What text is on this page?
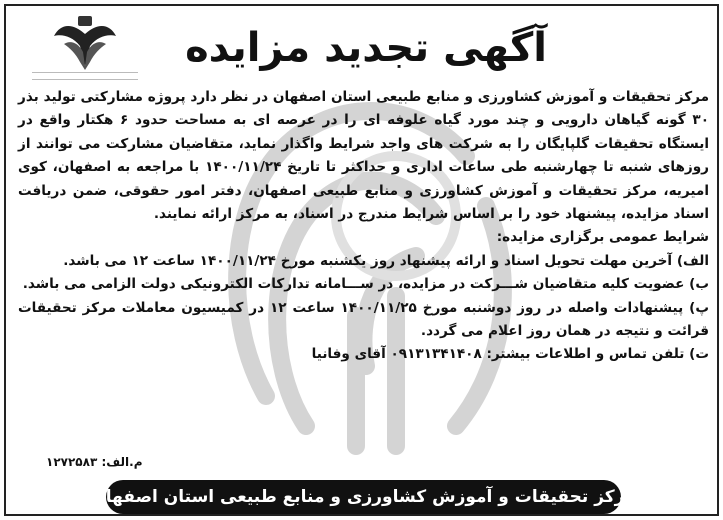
آگهی تجدید مزایده

مرکز تحقیقات و آموزش کشاورزی و منابع طبیعی استان اصفهان در نظر دارد پروژه مشارکتی تولید بذر ۳۰ گونه گیاهان دارویی و چند مورد گیاه علوفه ای را در عرصه ای به مساحت حدود ۶ هکتار واقع در ایستگاه تحقیقات گلپایگان را به شرکت های واجد شرایط واگذار نماید، متقاضیان مشارکت می توانند از روزهای شنبه تا چهارشنبه طی ساعات اداری و حداکثر تا تاریخ ۱۴۰۰/۱۱/۲۴ با مراجعه به اصفهان، کوی امیریه، مرکز تحقیقات و آموزش کشاورزی و منابع طبیعی اصفهان، دفتر امور حقوقی، ضمن دریافت اسناد مزایده، پیشنهاد خود را بر اساس شرایط مندرج در اسناد، به مرکز ارائه نمایند.

شرایط عمومی برگزاری مزایده:

الف) آخرین مهلت تحویل اسناد و ارائه پیشنهاد روز یکشنبه مورخ ۱۴۰۰/۱۱/۲۴ ساعت ۱۲ می باشد.

ب) عضویت کلیه متقاضیان شـــرکت در مزایده، در ســـامانه تدارکات الکترونیکی دولت الزامی می باشد.

پ) پیشنهادات واصله در روز دوشنبه مورخ ۱۴۰۰/۱۱/۲۵ ساعت ۱۲ در کمیسیون معاملات مرکز تحقیقات قرائت و نتیجه در همان روز اعلام می گردد.

ت) تلفن تماس و اطلاعات بیشتر: ۰۹۱۳۱۳۴۱۴۰۸ آقای وفانیا

م.الف: ۱۲۷۲۵۸۳
مرکز تحقیقات و آموزش کشاورزی و منابع طبیعی استان اصفهان
